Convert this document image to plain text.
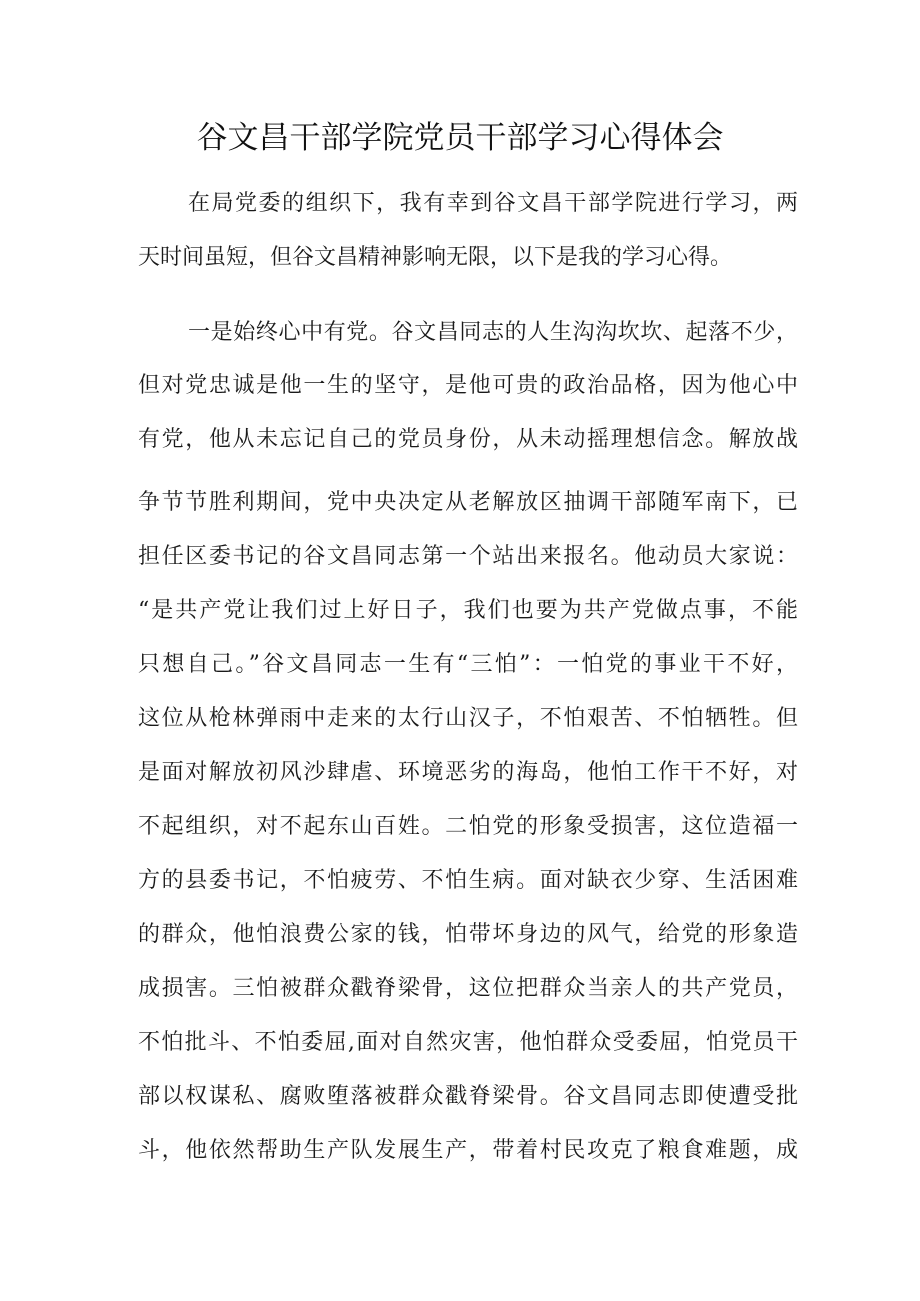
谷文昌干部学院党员干部学习心得体会
在局党委的组织下，我有幸到谷文昌干部学院进行学习，两
天时间虽短，但谷文昌精神影响无限，以下是我的学习心得。
一是始终心中有党。谷文昌同志的人生沟沟坎坎、起落不少，
但对党忠诚是他一生的坚守，是他可贵的政治品格，因为他心中
有党，他从未忘记自己的党员身份，从未动摇理想信念。解放战
争节节胜利期间，党中央决定从老解放区抽调干部随军南下，已
担任区委书记的谷文昌同志第一个站出来报名。他动员大家说：
“是共产党让我们过上好日子，我们也要为共产党做点事，不能
只想自己。”谷文昌同志一生有“三怕”：一怕党的事业干不好，
这位从枪林弹雨中走来的太行山汉子，不怕艰苦、不怕牺牲。但
是面对解放初风沙肆虐、环境恶劣的海岛，他怕工作干不好，对
不起组织，对不起东山百姓。二怕党的形象受损害，这位造福一
方的县委书记，不怕疲劳、不怕生病。面对缺衣少穿、生活困难
的群众，他怕浪费公家的钱，怕带坏身边的风气，给党的形象造
成损害。三怕被群众戳脊梁骨，这位把群众当亲人的共产党员，
不怕批斗、不怕委屈,面对自然灾害，他怕群众受委屈，怕党员干
部以权谋私、腐败堕落被群众戳脊梁骨。谷文昌同志即使遭受批
斗，他依然帮助生产队发展生产，带着村民攻克了粮食难题，成
